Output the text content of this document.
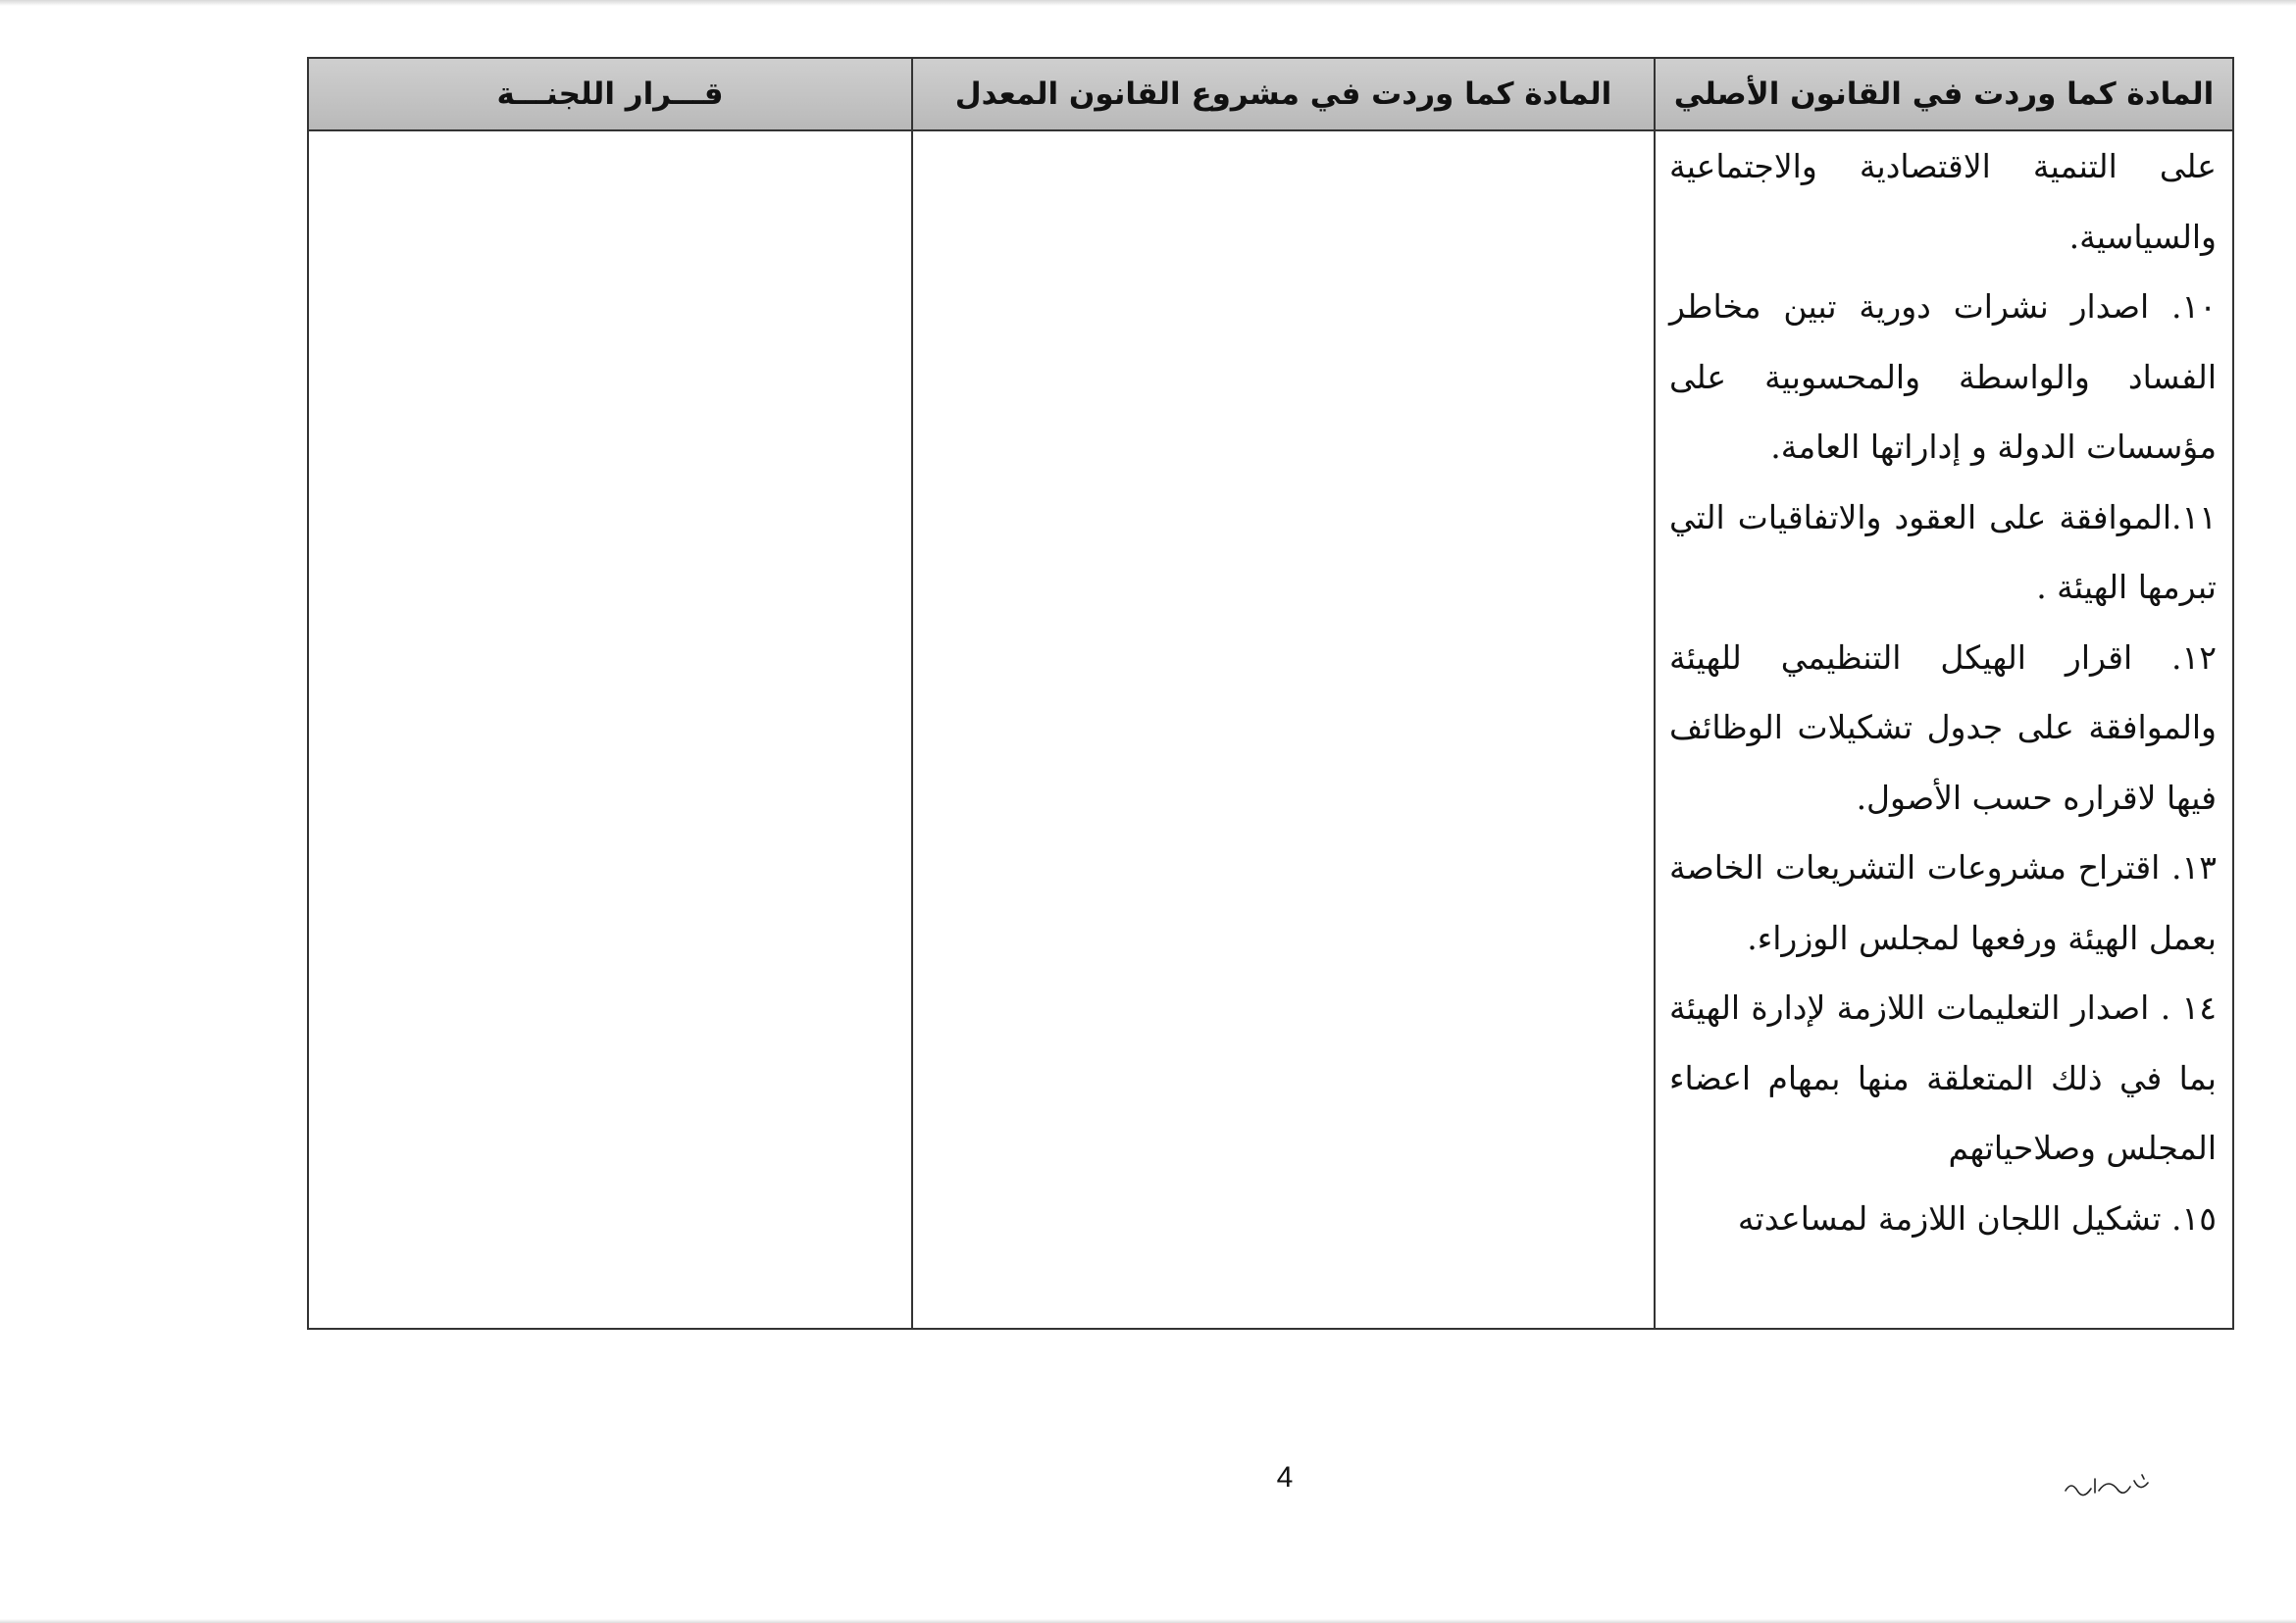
المادة كما وردت في القانون الأصلي
المادة كما وردت في مشروع القانون المعدل
قـــرار اللجنـــة

على التنمية الاقتصادية والاجتماعية والسياسية.

١٠. اصدار نشرات دورية تبين مخاطر الفساد والواسطة والمحسوبية على مؤسسات الدولة و إداراتها العامة.

١١.الموافقة على العقود والاتفاقيات التي تبرمها الهيئة .

١٢. اقرار الهيكل التنظيمي للهيئة والموافقة على جدول تشكيلات الوظائف فيها لاقراره حسب الأصول.

١٣. اقتراح مشروعات التشريعات الخاصة بعمل الهيئة ورفعها لمجلس الوزراء.

١٤ . اصدار التعليمات اللازمة لإدارة الهيئة بما في ذلك المتعلقة منها بمهام اعضاء المجلس وصلاحياتهم

١٥. تشكيل اللجان اللازمة لمساعدته

4
